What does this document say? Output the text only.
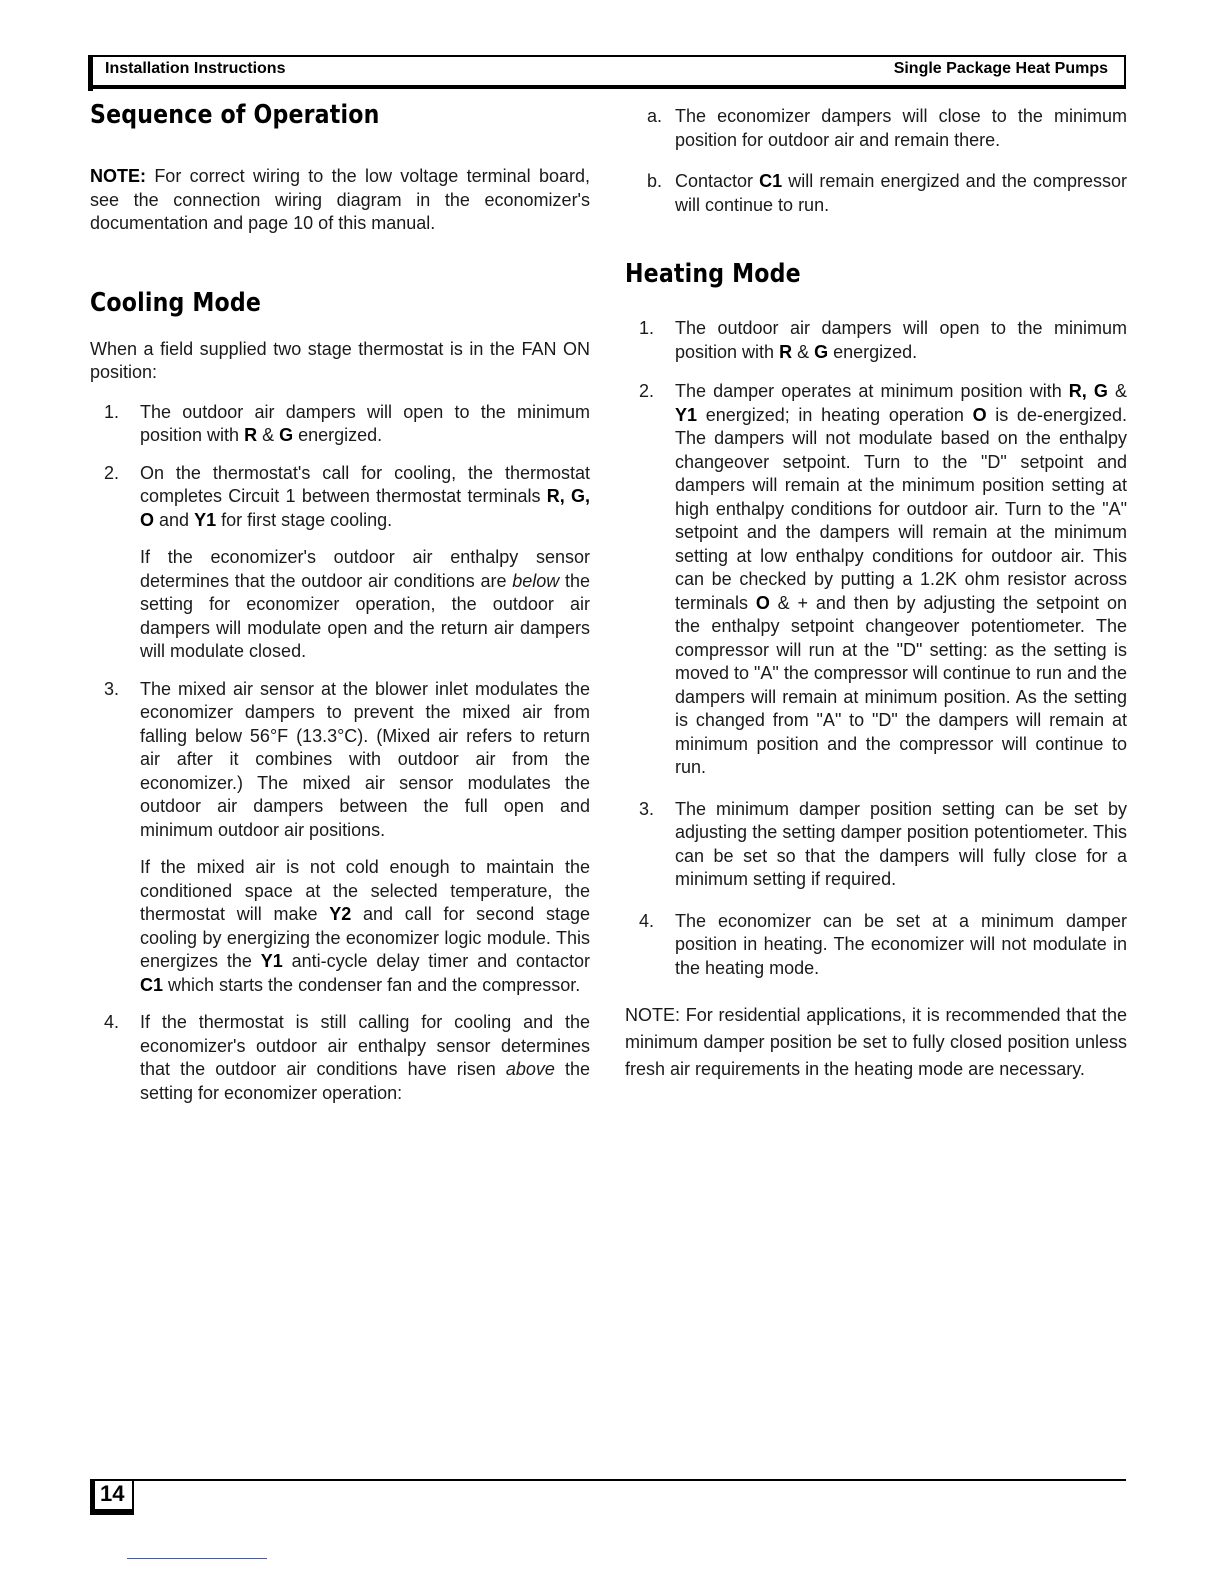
Installation Instructions	Single Package Heat Pumps
Sequence of Operation

NOTE: For correct wiring to the low voltage terminal board, see the connection wiring diagram in the economizer's documentation and page 10 of this manual.

Cooling Mode

When a field supplied two stage thermostat is in the FAN ON position:

1. The outdoor air dampers will open to the minimum position with R & G energized.

2. On the thermostat's call for cooling, the thermostat completes Circuit 1 between thermostat terminals R, G, O and Y1 for first stage cooling.

If the economizer's outdoor air enthalpy sensor determines that the outdoor air conditions are below the setting for economizer operation, the outdoor air dampers will modulate open and the return air dampers will modulate closed.

3. The mixed air sensor at the blower inlet modulates the economizer dampers to prevent the mixed air from falling below 56°F (13.3°C). (Mixed air refers to return air after it combines with outdoor air from the economizer.) The mixed air sensor modulates the outdoor air dampers between the full open and minimum outdoor air positions.

If the mixed air is not cold enough to maintain the conditioned space at the selected temperature, the thermostat will make Y2 and call for second stage cooling by energizing the economizer logic module. This energizes the Y1 anti-cycle delay timer and contactor C1 which starts the condenser fan and the compressor.

4. If the thermostat is still calling for cooling and the economizer's outdoor air enthalpy sensor determines that the outdoor air conditions have risen above the setting for economizer operation:

a. The economizer dampers will close to the minimum position for outdoor air and remain there.

b. Contactor C1 will remain energized and the compressor will continue to run.

Heating Mode
1. The outdoor air dampers will open to the minimum position with R & G energized.

2. The damper operates at minimum position with R, G & Y1 energized; in heating operation O is de-energized. The dampers will not modulate based on the enthalpy changeover setpoint. Turn to the "D" setpoint and dampers will remain at the minimum position setting at high enthalpy conditions for outdoor air. Turn to the "A" setpoint and the dampers will remain at the minimum setting at low enthalpy conditions for outdoor air. This can be checked by putting a 1.2K ohm resistor across terminals O & + and then by adjusting the setpoint on the enthalpy setpoint changeover potentiometer. The compressor will run at the "D" setting: as the setting is moved to "A" the compressor will continue to run and the dampers will remain at minimum position. As the setting is changed from "A" to "D" the dampers will remain at minimum position and the compressor will continue to run.

3. The minimum damper position setting can be set by adjusting the setting damper position potentiometer. This can be set so that the dampers will fully close for a minimum setting if required.

4. The economizer can be set at a minimum damper position in heating. The economizer will not modulate in the heating mode.

NOTE: For residential applications, it is recommended that the minimum damper position be set to fully closed position unless fresh air requirements in the heating mode are necessary.

14
